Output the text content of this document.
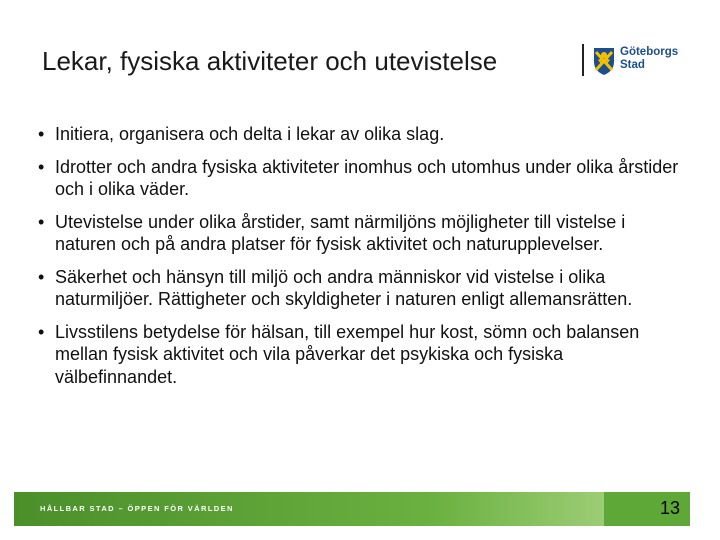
Lekar, fysiska aktiviteter och utevistelse	Göteborgs
Stad
• Initiera, organisera och delta i lekar av olika slag.
• Idrotter och andra fysiska aktiviteter inomhus och utomhus under olika årstider och i olika väder.
• Utevistelse under olika årstider, samt närmiljöns möjligheter till vistelse i naturen och på andra platser för fysisk aktivitet och naturupplevelser.
• Säkerhet och hänsyn till miljö och andra människor vid vistelse i olika naturmiljöer. Rättigheter och skyldigheter i naturen enligt allemansrätten.
• Livsstilens betydelse för hälsan, till exempel hur kost, sömn och balansen mellan fysisk aktivitet och vila påverkar det psykiska och fysiska välbefinnandet.
HÅLLBAR STAD – ÖPPEN FÖR VÄRLDEN	13
